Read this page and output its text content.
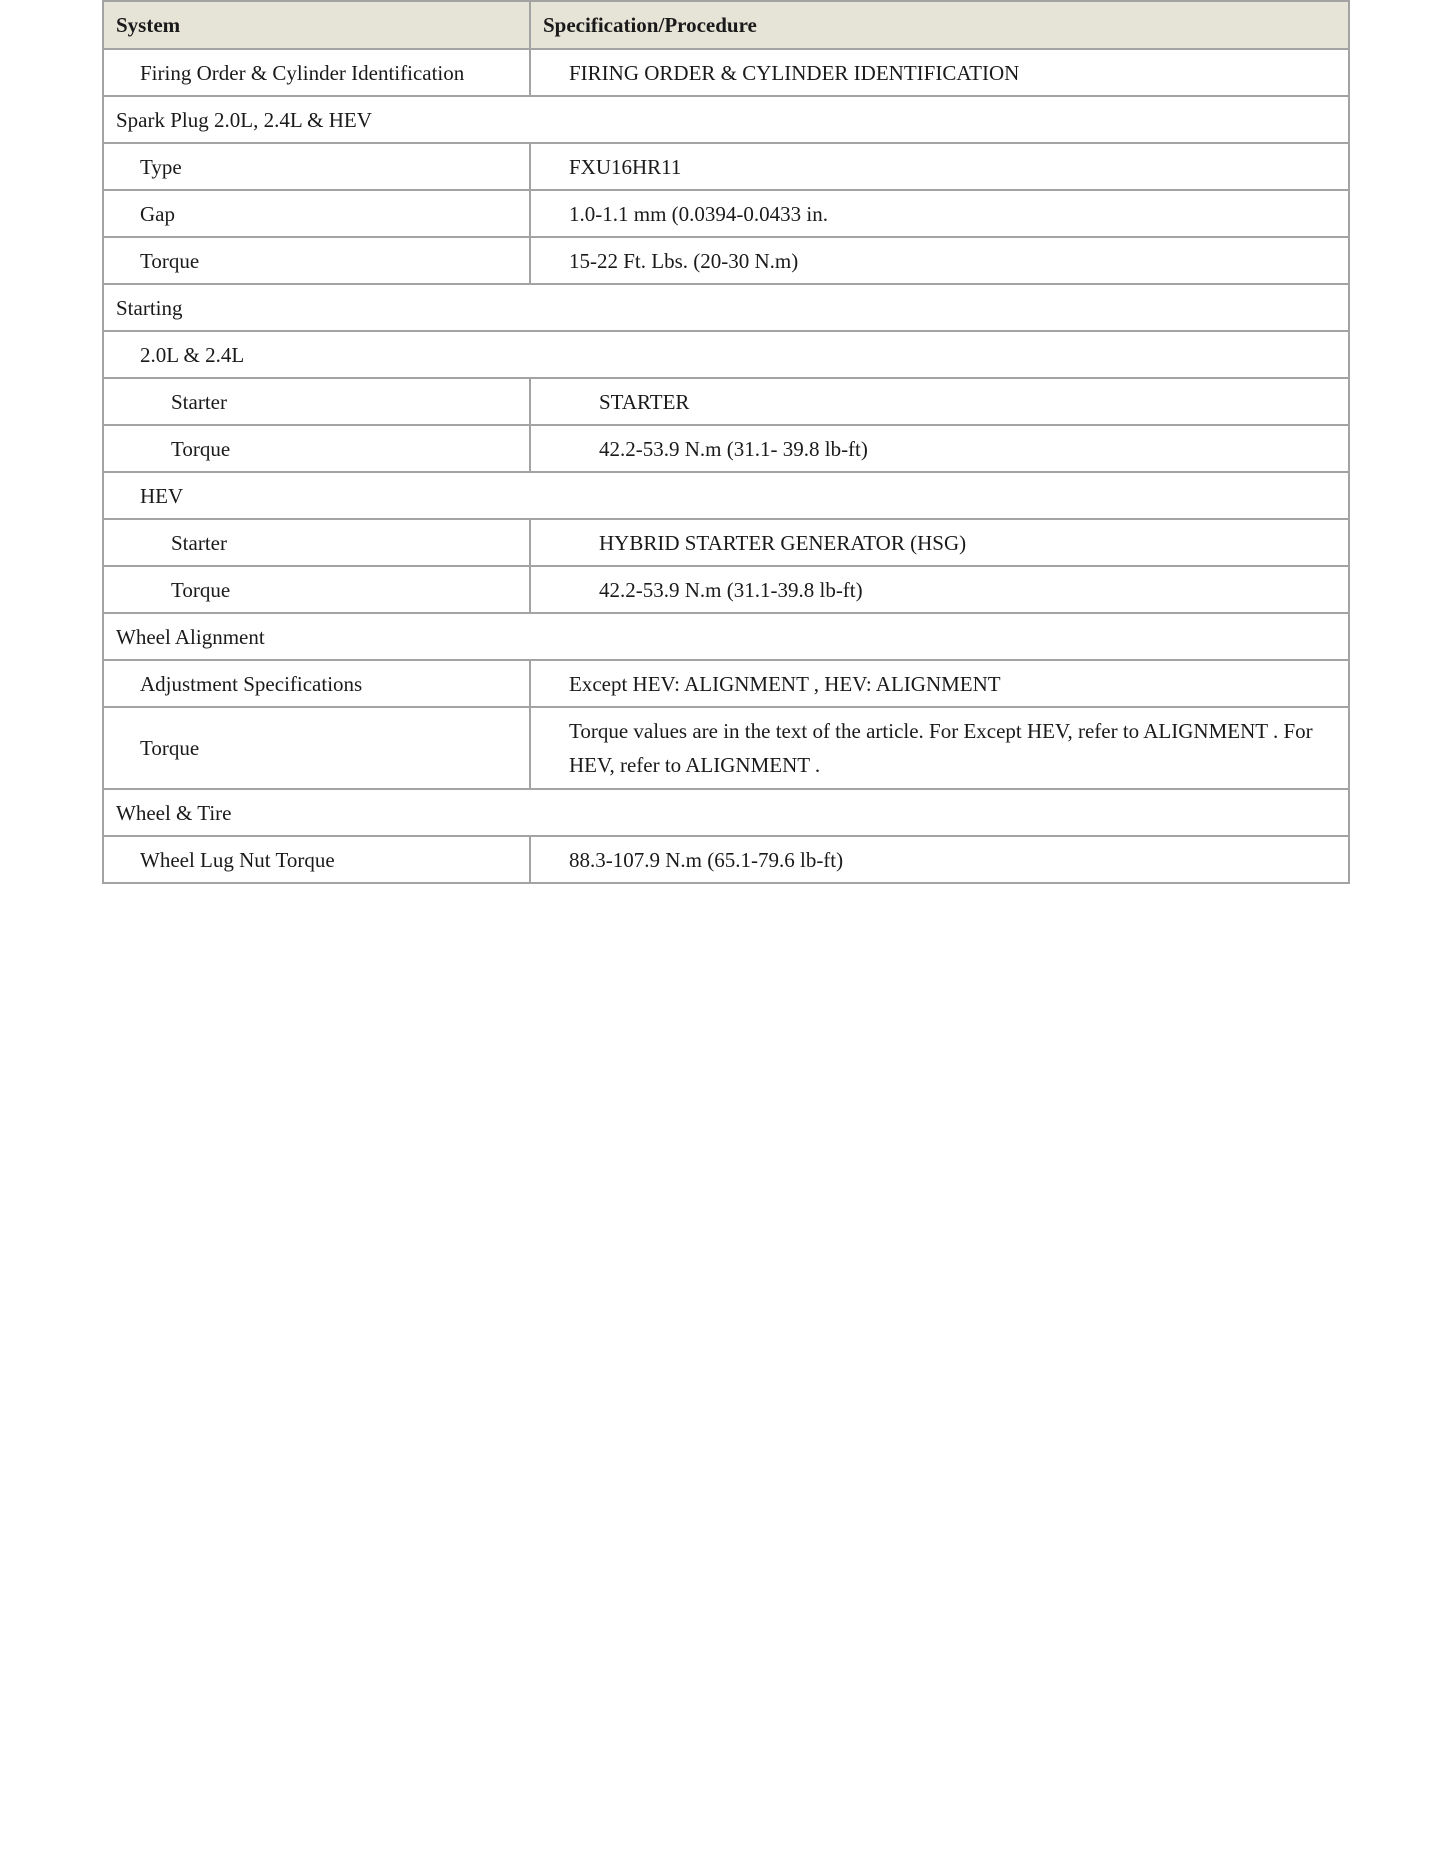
System	Specification/Procedure
Firing Order & Cylinder Identification	FIRING ORDER & CYLINDER IDENTIFICATION
Spark Plug 2.0L, 2.4L & HEV	
Type	FXU16HR11
Gap	1.0-1.1 mm (0.0394-0.0433 in.
Torque	15-22 Ft. Lbs. (20-30 N.m)
Starting	
2.0L & 2.4L	
Starter	STARTER
Torque	42.2-53.9 N.m (31.1- 39.8 lb-ft)
HEV	
Starter	HYBRID STARTER GENERATOR (HSG)
Torque	42.2-53.9 N.m (31.1-39.8 lb-ft)
Wheel Alignment	
Adjustment Specifications	Except HEV: ALIGNMENT , HEV: ALIGNMENT
Torque	Torque values are in the text of the article. For Except HEV, refer to ALIGNMENT . For HEV, refer to ALIGNMENT .
Wheel & Tire	
Wheel Lug Nut Torque	88.3-107.9 N.m (65.1-79.6 lb-ft)
